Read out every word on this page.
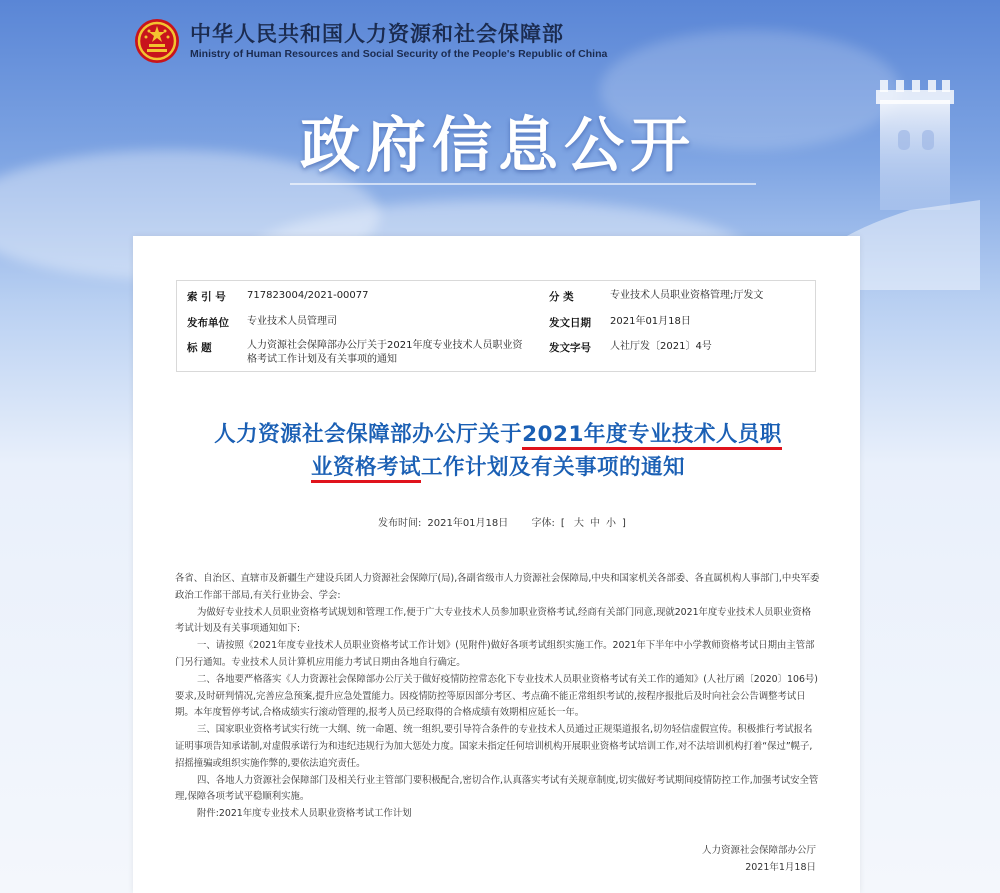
中华人民共和国人力资源和社会保障部
Ministry of Human Resources and Social Security of the People's Republic of China
政府信息公开
索 引 号 717823004/2021-00077	分 类	专业技术人员职业资格管理;厅发文
发布单位 专业技术人员管理司	发文日期 2021年01月18日
标 题	人力资源社会保障部办公厅关于2021年度专业技术人员职业资
格考试工作计划及有关事项的通知
发文字号 人社厅发〔2021〕4号
人力资源社会保障部办公厅关于2021年度专业技术人员职
业资格考试工作计划及有关事项的通知
发布时间: 2021年01月18日 字体: [ 大 中 小 ]

各省、自治区、直辖市及新疆生产建设兵团人力资源社会保障厅(局),各副省级市人力资源社会保障局,中央和国家机关各部委、各直属机构人事部门,中央军委政治工作部干部局,有关行业协会、学会:

为做好专业技术人员职业资格考试规划和管理工作,便于广大专业技术人员参加职业资格考试,经商有关部门同意,现就2021年度专业技术人员职业资格考试计划及有关事项通知如下:

一、请按照《2021年度专业技术人员职业资格考试工作计划》(见附件)做好各项考试组织实施工作。2021年下半年中小学教师资格考试日期由主管部门另行通知。专业技术人员计算机应用能力考试日期由各地自行确定。

二、各地要严格落实《人力资源社会保障部办公厅关于做好疫情防控常态化下专业技术人员职业资格考试有关工作的通知》(人社厅函〔2020〕106号)要求,及时研判情况,完善应急预案,提升应急处置能力。因疫情防控等原因部分考区、考点确不能正常组织考试的,按程序报批后及时向社会公告调整考试日期。本年度暂停考试,合格成绩实行滚动管理的,报考人员已经取得的合格成绩有效期相应延长一年。

三、国家职业资格考试实行统一大纲、统一命题、统一组织,要引导符合条件的专业技术人员通过正规渠道报名,切勿轻信虚假宣传。积极推行考试报名证明事项告知承诺制,对虚假承诺行为和违纪违规行为加大惩处力度。国家未指定任何培训机构开展职业资格考试培训工作,对不法培训机构打着“保过”幌子,招摇撞骗或组织实施作弊的,要依法追究责任。

四、各地人力资源社会保障部门及相关行业主管部门要积极配合,密切合作,认真落实考试有关规章制度,切实做好考试期间疫情防控工作,加强考试安全管理,保障各项考试平稳顺利实施。

附件:2021年度专业技术人员职业资格考试工作计划

人力资源社会保障部办公厅
2021年1月18日
